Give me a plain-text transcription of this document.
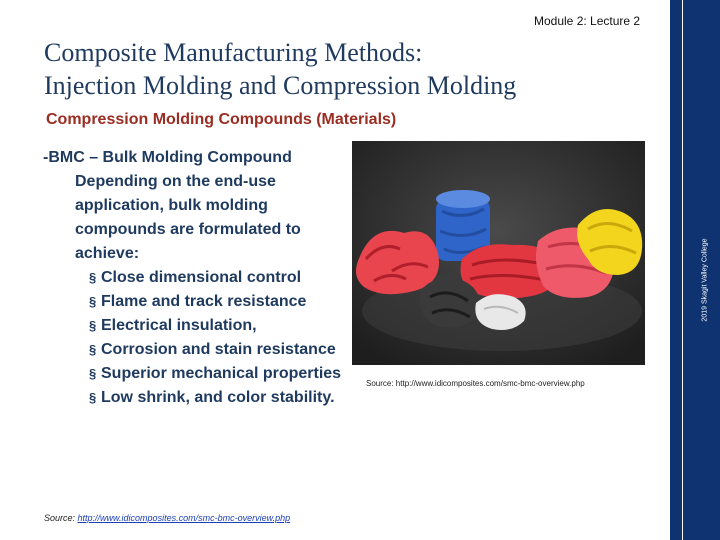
Module 2: Lecture 2
Composite Manufacturing Methods:
Injection Molding and Compression Molding
Compression Molding Compounds (Materials)

-BMC – Bulk Molding Compound

Depending on the end-use application, bulk molding compounds are formulated to achieve:

§ Close dimensional control
§ Flame and track resistance
§ Electrical insulation,
§ Corrosion and stain resistance
§ Superior mechanical properties
§ Low shrink, and color stability.
Source: http://www.idicomposites.com/smc-bmc-overview.php
Source: http://www.idicomposites.com/smc-bmc-overview.php
2019 Skagit Valley College
